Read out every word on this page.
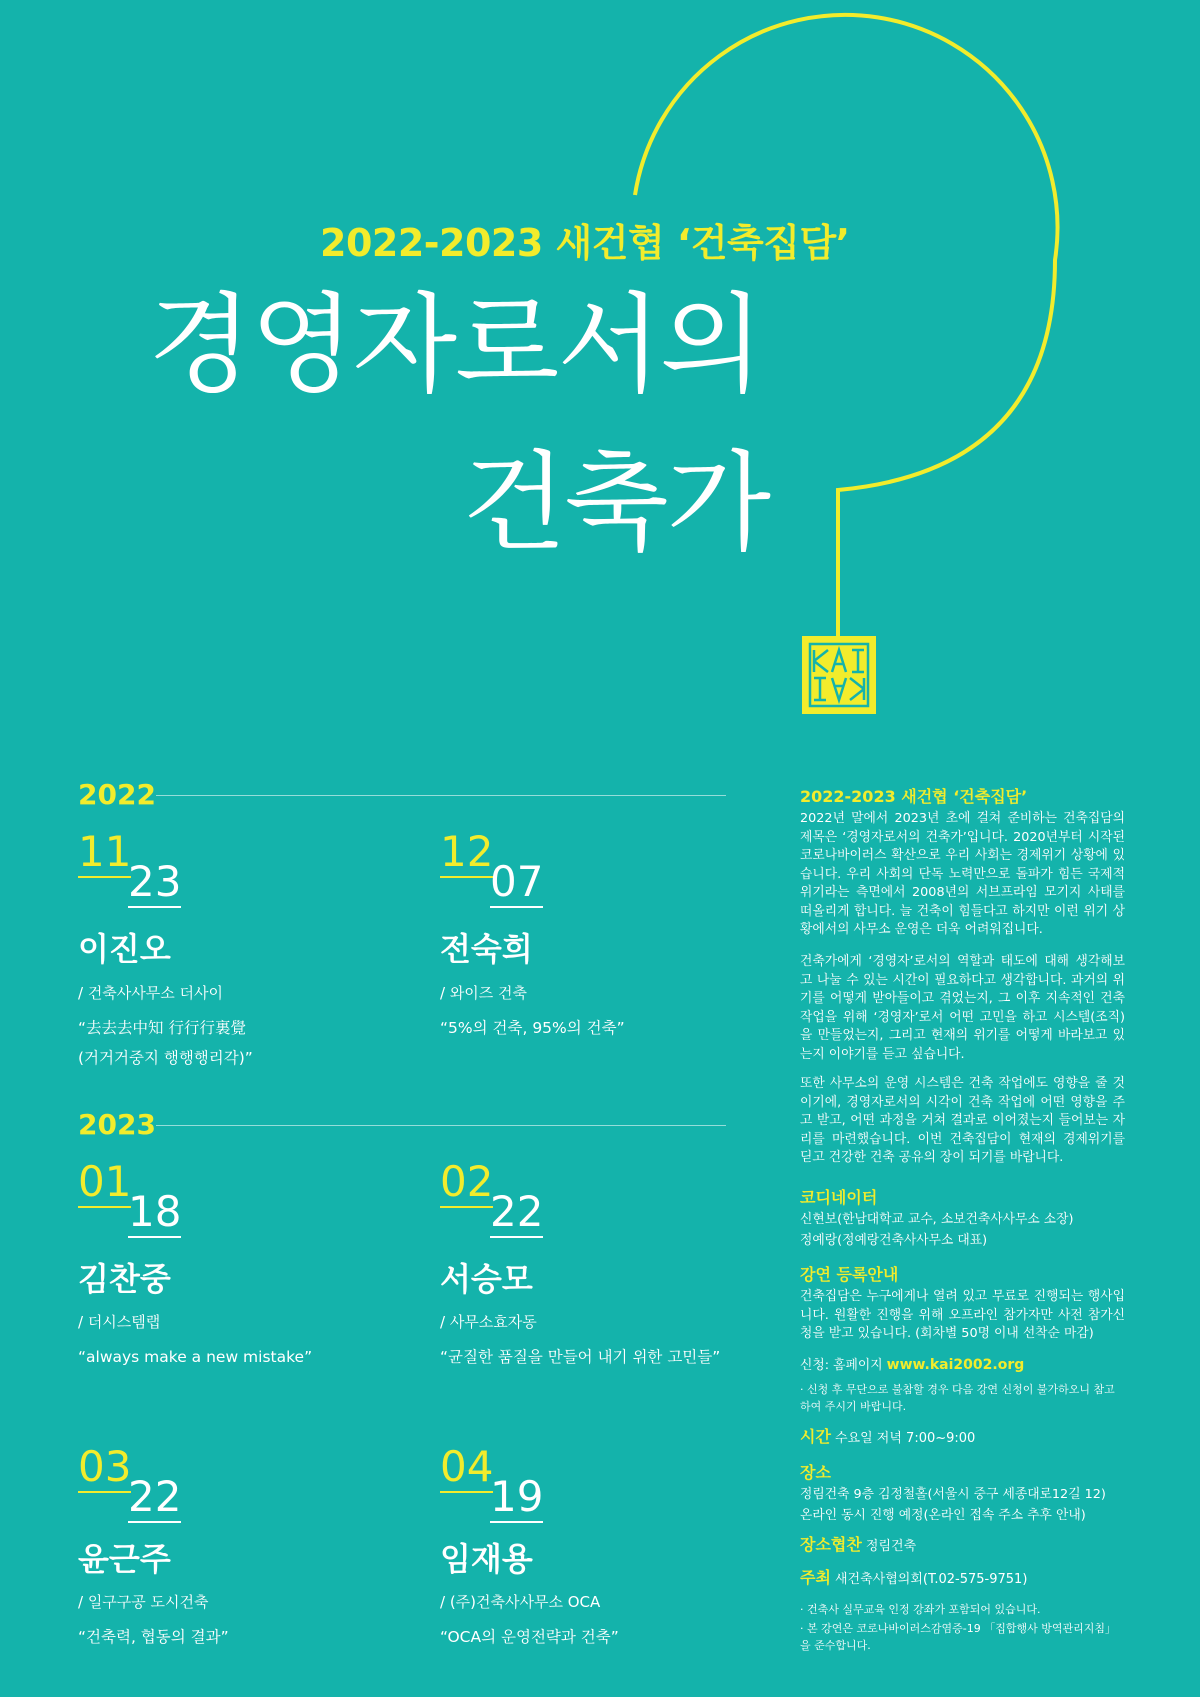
2022-2023 새건협 ‘건축집담’
경영자로서의
건축가
2022
11
23
이진오
/ 건축사사무소 더사이
“去去去中知 行行行裏覺
(거거거중지 행행행리각)”
12
07
전숙희
/ 와이즈 건축
“5%의 건축, 95%의 건축”
2023
01
18
김찬중
/ 더시스템랩
“always make a new mistake”
02
22
서승모
/ 사무소효자동
“균질한 품질을 만들어 내기 위한 고민들”
03
22
윤근주
/ 일구구공 도시건축
“건축력, 협동의 결과”
04
19
임재용
/ (주)건축사사무소 OCA
“OCA의 운영전략과 건축”
2022-2023 새건협 ‘건축집담’
2022년 말에서 2023년 초에 걸쳐 준비하는 건축집담의 제목은 ‘경영자로서의 건축가’입니다. 2020년부터 시작된 코로나바이러스 확산으로 우리 사회는 경제위기 상황에 있습니다. 우리 사회의 단독 노력만으로 돌파가 힘든 국제적 위기라는 측면에서 2008년의 서브프라임 모기지 사태를 떠올리게 합니다. 늘 건축이 힘들다고 하지만 이런 위기 상황에서의 사무소 운영은 더욱 어려워집니다.
건축가에게 ‘경영자’로서의 역할과 태도에 대해 생각해보고 나눌 수 있는 시간이 필요하다고 생각합니다. 과거의 위기를 어떻게 받아들이고 겪었는지, 그 이후 지속적인 건축 작업을 위해 ‘경영자’로서 어떤 고민을 하고 시스템(조직)을 만들었는지, 그리고 현재의 위기를 어떻게 바라보고 있는지 이야기를 듣고 싶습니다.
또한 사무소의 운영 시스템은 건축 작업에도 영향을 줄 것이기에, 경영자로서의 시각이 건축 작업에 어떤 영향을 주고 받고, 어떤 과정을 거쳐 결과로 이어졌는지 들어보는 자리를 마련했습니다. 이번 건축집담이 현재의 경제위기를 딛고 건강한 건축 공유의 장이 되기를 바랍니다.
코디네이터
신현보(한남대학교 교수, 소보건축사사무소 소장)
정예랑(정예랑건축사사무소 대표)
강연 등록안내
건축집담은 누구에게나 열려 있고 무료로 진행되는 행사입니다. 원활한 진행을 위해 오프라인 참가자만 사전 참가신청을 받고 있습니다. (회차별 50명 이내 선착순 마감)
신청: 홈페이지 www.kai2002.org
· 신청 후 무단으로 불참할 경우 다음 강연 신청이 불가하오니 참고하여 주시기 바랍니다.
시간 수요일 저녁 7:00~9:00
장소
정림건축 9층 김정철홀(서울시 중구 세종대로12길 12)
온라인 동시 진행 예정(온라인 접속 주소 추후 안내)
장소협찬 정림건축
주최 새건축사협의회(T.02-575-9751)
· 건축사 실무교육 인정 강좌가 포함되어 있습니다.
· 본 강연은 코로나바이러스감염증-19 「집합행사 방역관리지침」을 준수합니다.
